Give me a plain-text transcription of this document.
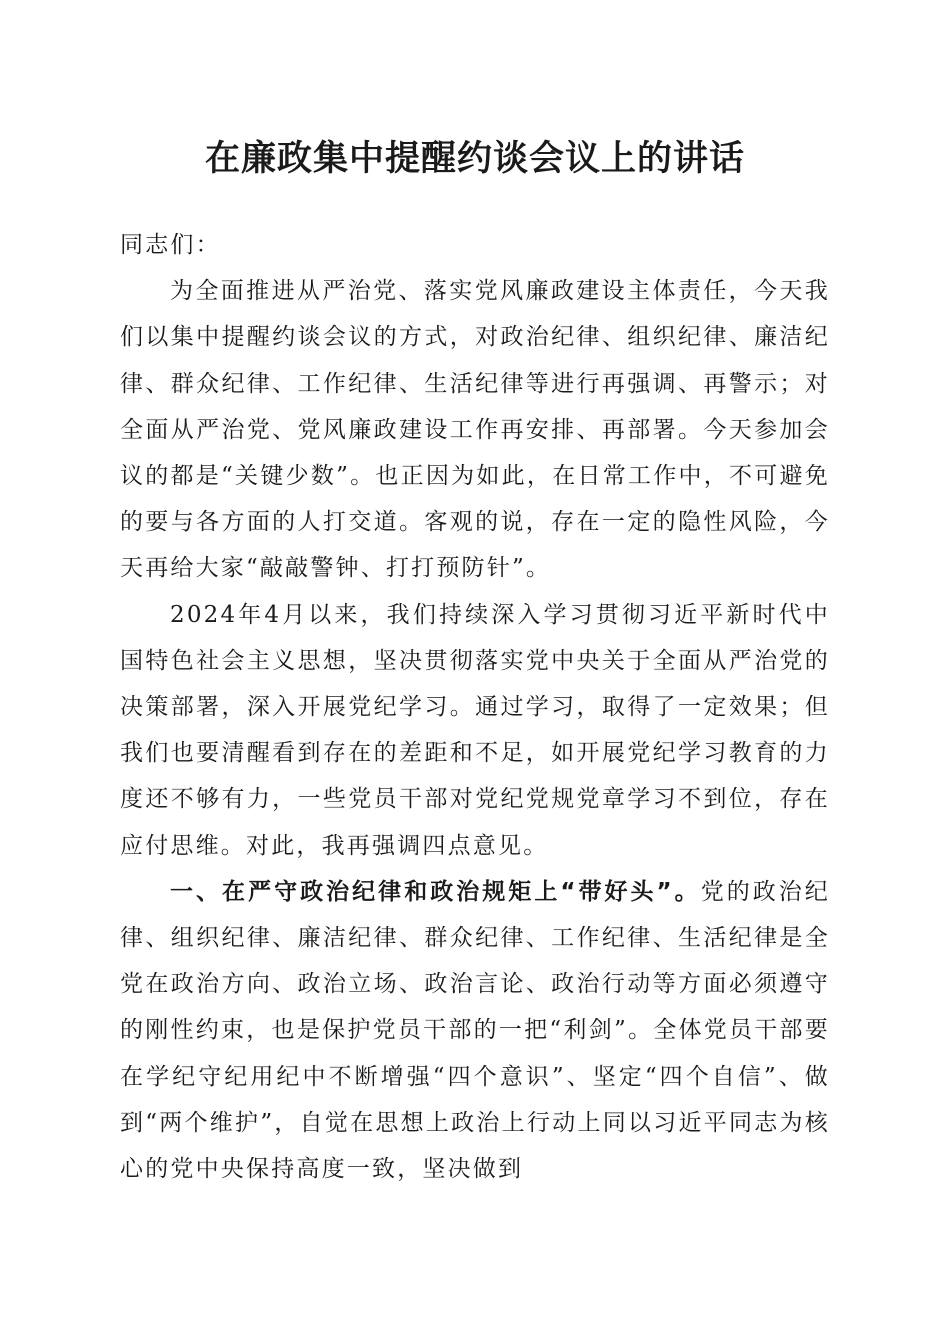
在廉政集中提醒约谈会议上的讲话

同志们：

为全面推进从严治党、落实党风廉政建设主体责任，今天我们以集中提醒约谈会议的方式，对政治纪律、组织纪律、廉洁纪律、群众纪律、工作纪律、生活纪律等进行再强调、再警示；对全面从严治党、党风廉政建设工作再安排、再部署。今天参加会议的都是“关键少数”。也正因为如此，在日常工作中，不可避免的要与各方面的人打交道。客观的说，存在一定的隐性风险，今天再给大家“敲敲警钟、打打预防针”。

2024年4月以来，我们持续深入学习贯彻习近平新时代中国特色社会主义思想，坚决贯彻落实党中央关于全面从严治党的决策部署，深入开展党纪学习。通过学习，取得了一定效果；但我们也要清醒看到存在的差距和不足，如开展党纪学习教育的力度还不够有力，一些党员干部对党纪党规党章学习不到位，存在应付思维。对此，我再强调四点意见。

一、在严守政治纪律和政治规矩上“带好头”。党的政治纪律、组织纪律、廉洁纪律、群众纪律、工作纪律、生活纪律是全党在政治方向、政治立场、政治言论、政治行动等方面必须遵守的刚性约束，也是保护党员干部的一把“利剑”。全体党员干部要在学纪守纪用纪中不断增强“四个意识”、坚定“四个自信”、做到“两个维护”，自觉在思想上政治上行动上同以习近平同志为核心的党中央保持高度一致，坚决做到
